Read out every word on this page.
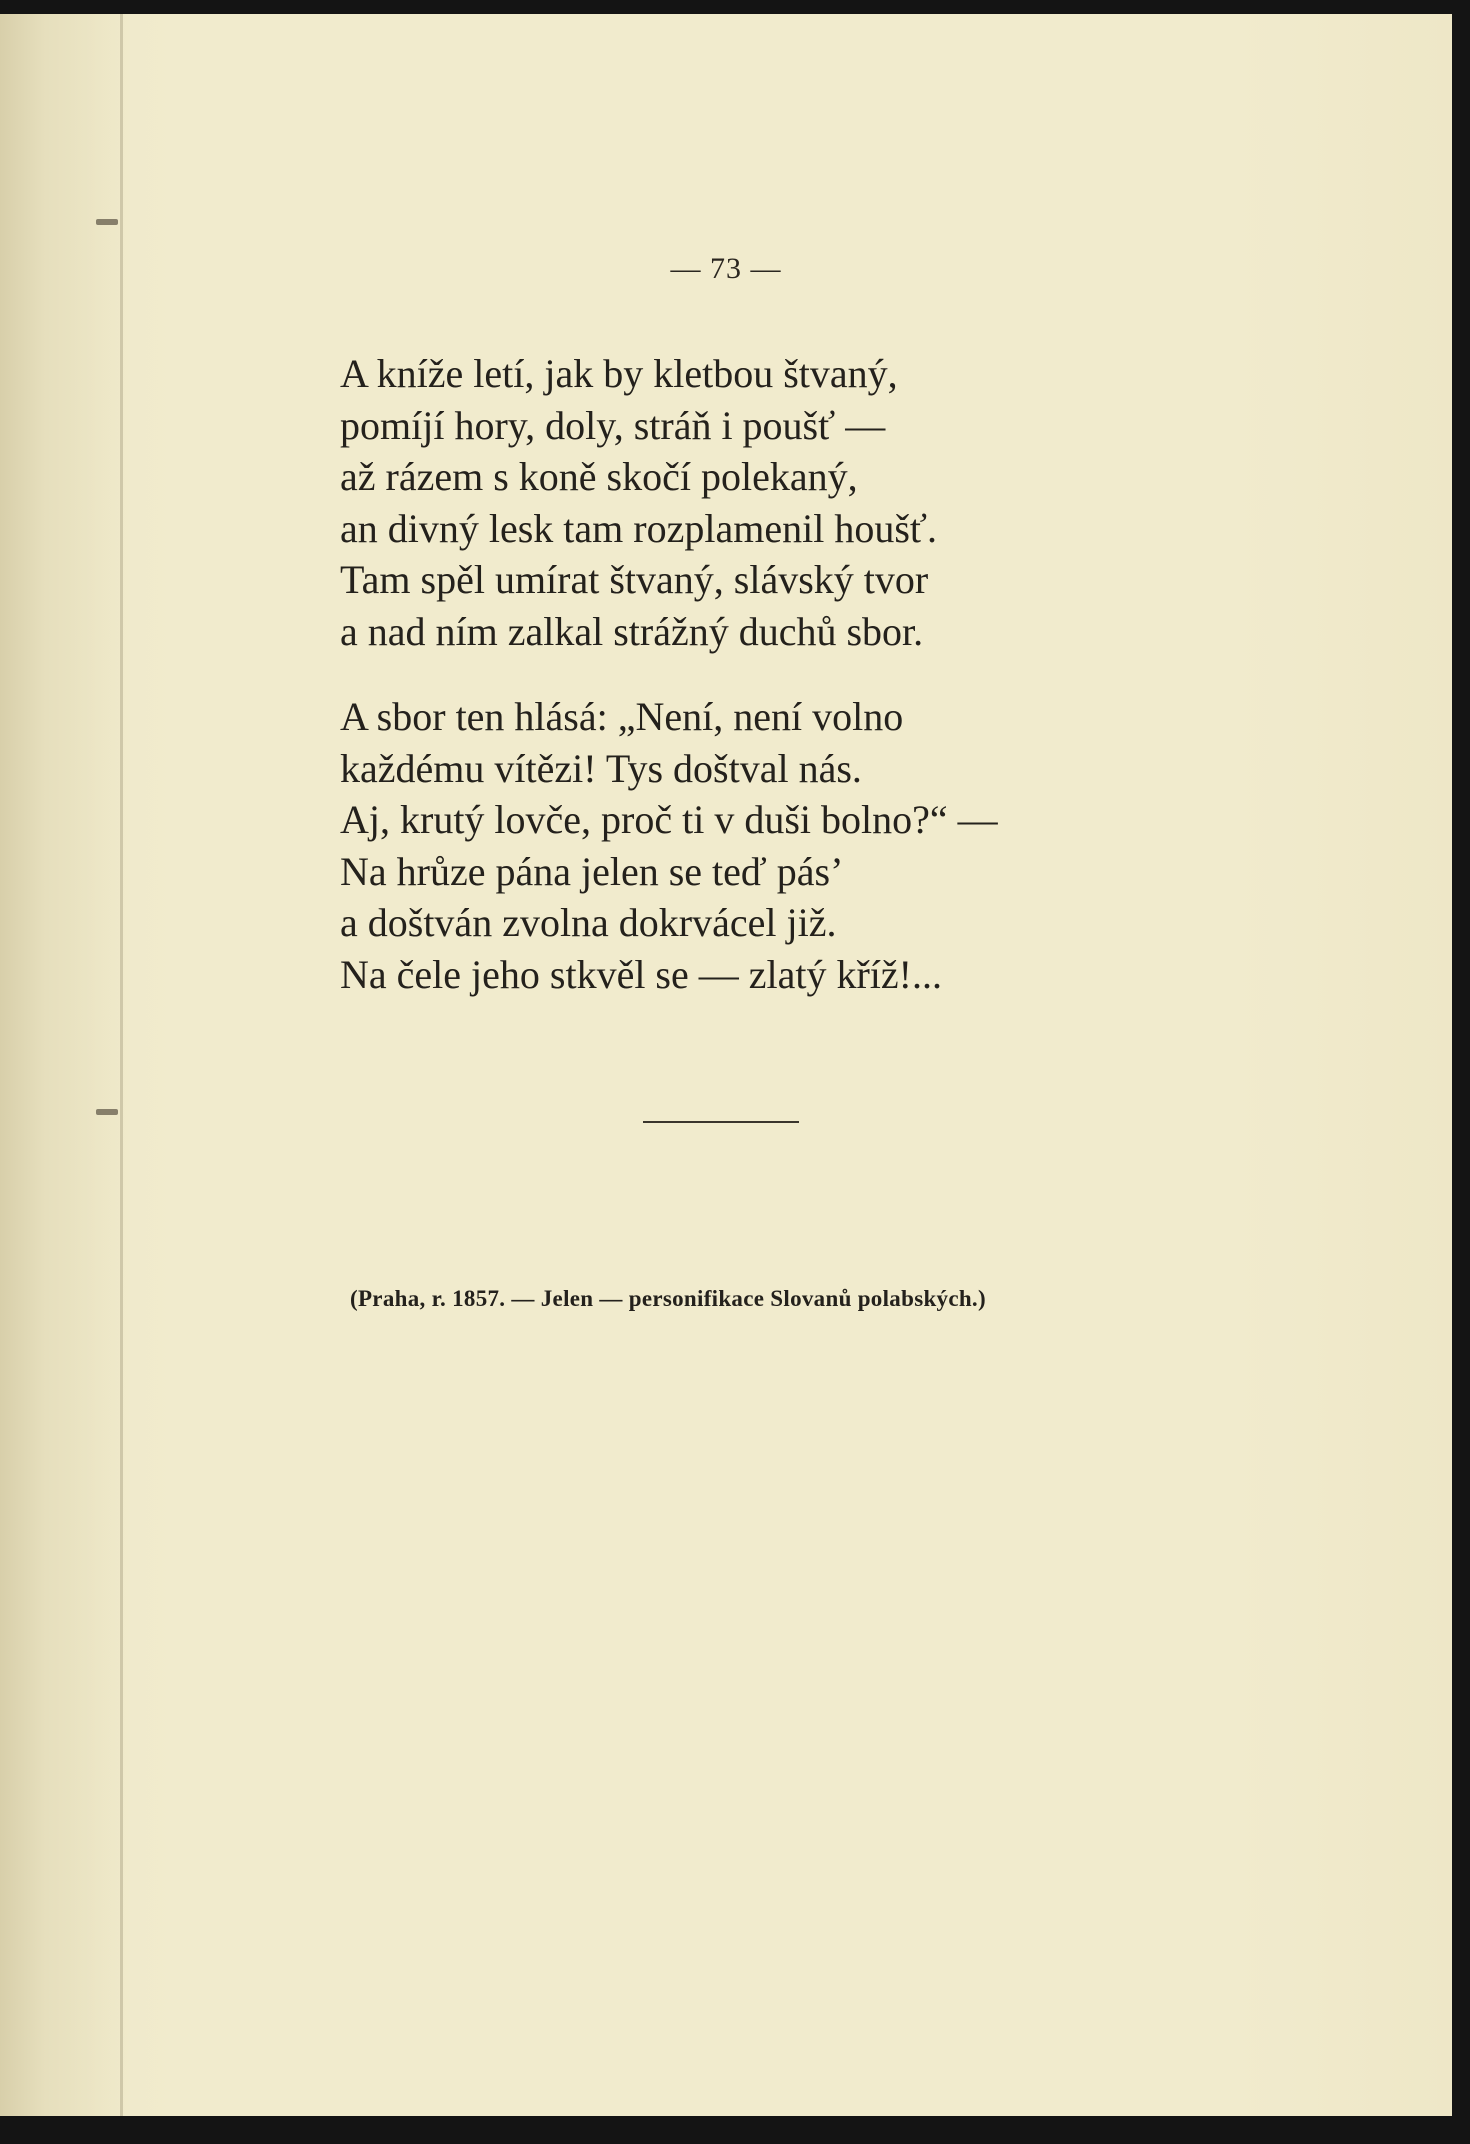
— 73 —

A kníže letí, jak by kletbou štvaný,
pomíjí hory, doly, stráň i poušť —
až rázem s koně skočí polekaný,
an divný lesk tam rozplamenil houšť.
Tam spěl umírat štvaný, slávský tvor
a nad ním zalkal strážný duchů sbor.

A sbor ten hlásá: „Není, není volno
každému vítězi! Tys doštval nás.
Aj, krutý lovče, proč ti v duši bolno?“ —
Na hrůze pána jelen se teď pás’
a doštván zvolna dokrvácel již.
Na čele jeho stkvěl se — zlatý kříž!...

(Praha, r. 1857. — Jelen — personifikace Slovanů polabských.)
